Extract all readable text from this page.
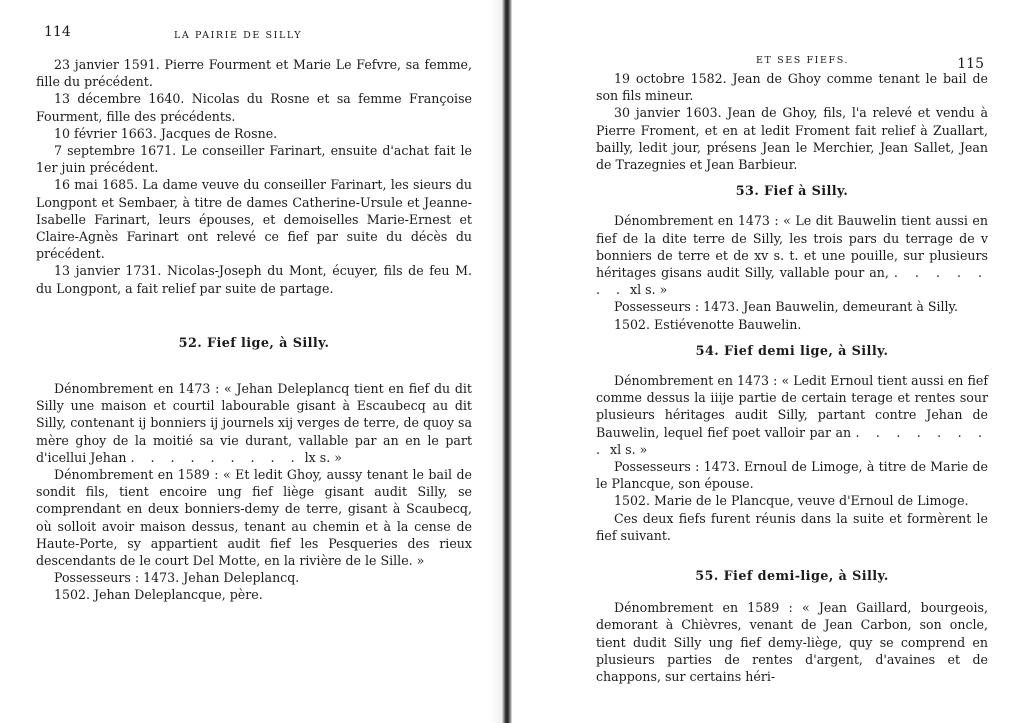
114	LA PAIRIE DE SILLY

23 janvier 1591. Pierre Fourment et Marie Le Fefvre, sa femme, fille du précédent.

13 décembre 1640. Nicolas du Rosne et sa femme Françoise Fourment, fille des précédents.

10 février 1663. Jacques de Rosne.

7 septembre 1671. Le conseiller Farinart, ensuite d'achat fait le 1er juin précédent.

16 mai 1685. La dame veuve du conseiller Farinart, les sieurs du Longpont et Sembaer, à titre de dames Catherine-Ursule et Jeanne-Isabelle Farinart, leurs épouses, et demoiselles Marie-Ernest et Claire-Agnès Farinart ont relevé ce fief par suite du décès du précédent.

13 janvier 1731. Nicolas-Joseph du Mont, écuyer, fils de feu M. du Longpont, a fait relief par suite de partage.

52. Fief lige, à Silly.

Dénombrement en 1473 : « Jehan Deleplancq tient en fief du dit Silly une maison et courtil labourable gisant à Escaubecq au dit Silly, contenant ij bonniers ij journels xij verges de terre, de quoy sa mère ghoy de la moitié sa vie durant, vallable par an en le part d'icellui Jehan . . . . . . . . . lx s. »

Dénombrement en 1589 : « Et ledit Ghoy, aussy tenant le bail de sondit fils, tient encoire ung fief liège gisant audit Silly, se comprendant en deux bonniers-demy de terre, gisant à Scaubecq, où solloit avoir maison dessus, tenant au chemin et à la cense de Haute-Porte, sy appartient audit fief les Pesqueries des rieux descendants de le court Del Motte, en la rivière de le Sille. »

Possesseurs : 1473. Jehan Deleplancq.

1502. Jehan Deleplancque, père.

ET SES FIEFS.	115

19 octobre 1582. Jean de Ghoy comme tenant le bail de son fils mineur.

30 janvier 1603. Jean de Ghoy, fils, l'a relevé et vendu à Pierre Froment, et en at ledit Froment fait relief à Zuallart, bailly, ledit jour, présens Jean le Merchier, Jean Sallet, Jean de Trazegnies et Jean Barbieur.

53. Fief à Silly.

Dénombrement en 1473 : « Le dit Bauwelin tient aussi en fief de la dite terre de Silly, les trois pars du terrage de v bonniers de terre et de xv s. t. et une pouille, sur plusieurs héritages gisans audit Silly, vallable pour an, . . . . . . . xl s. »

Possesseurs : 1473. Jean Bauwelin, demeurant à Silly.

1502. Estiévenotte Bauwelin.

54. Fief demi lige, à Silly.

Dénombrement en 1473 : « Ledit Ernoul tient aussi en fief comme dessus la iiije partie de certain terage et rentes sour plusieurs héritages audit Silly, partant contre Jehan de Bauwelin, lequel fief poet valloir par an . . . . . . . . xl s. »

Possesseurs : 1473. Ernoul de Limoge, à titre de Marie de le Plancque, son épouse.

1502. Marie de le Plancque, veuve d'Ernoul de Limoge.

Ces deux fiefs furent réunis dans la suite et formèrent le fief suivant.

55. Fief demi-lige, à Silly.

Dénombrement en 1589 : « Jean Gaillard, bourgeois, demorant à Chièvres, venant de Jean Carbon, son oncle, tient dudit Silly ung fief demy-liège, quy se comprend en plusieurs parties de rentes d'argent, d'avaines et de chappons, sur certains héri-
